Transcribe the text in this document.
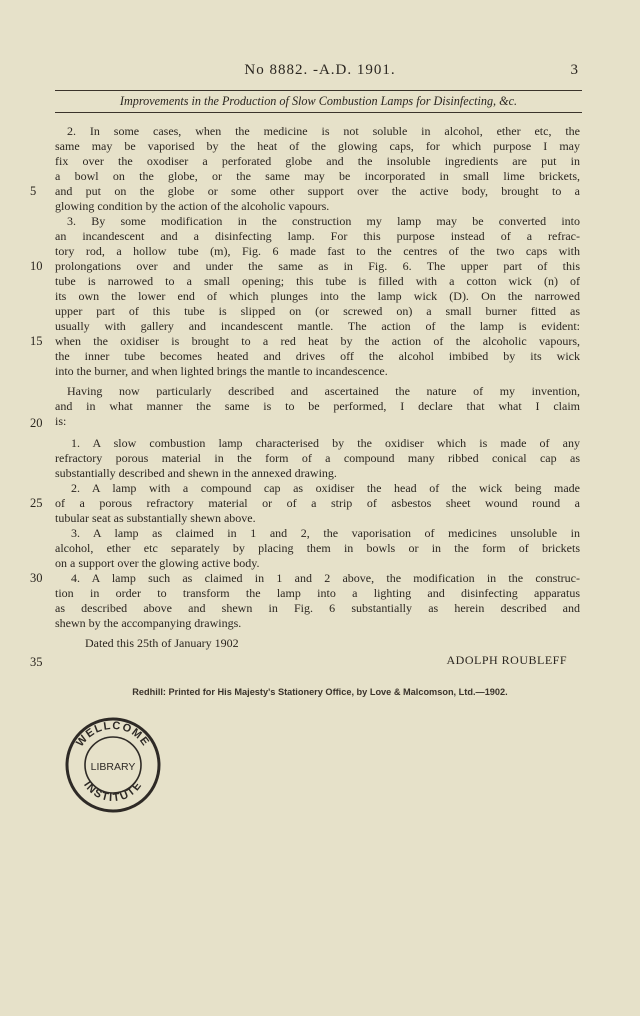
No 8882. -A.D. 1901.	3
Improvements in the Production of Slow Combustion Lamps for Disinfecting, &c.
2. In some cases, when the medicine is not soluble in alcohol, ether etc, the
same may be vaporised by the heat of the glowing caps, for which purpose I may
fix over the oxodiser a perforated globe and the insoluble ingredients are put in
a bowl on the globe, or the same may be incorporated in small lime brickets,
and put on the globe or some other support over the active body, brought to a
glowing condition by the action of the alcoholic vapours.
3. By some modification in the construction my lamp may be converted into
an incandescent and a disinfecting lamp. For this purpose instead of a refrac-
tory rod, a hollow tube (m), Fig. 6 made fast to the centres of the two caps with
prolongations over and under the same as in Fig. 6. The upper part of this
tube is narrowed to a small opening; this tube is filled with a cotton wick (n) of
its own the lower end of which plunges into the lamp wick (D). On the narrowed
upper part of this tube is slipped on (or screwed on) a small burner fitted as
usually with gallery and incandescent mantle. The action of the lamp is evident:
when the oxidiser is brought to a red heat by the action of the alcoholic vapours,
the inner tube becomes heated and drives off the alcohol imbibed by its wick
into the burner, and when lighted brings the mantle to incandescence.
Having now particularly described and ascertained the nature of my invention,
and in what manner the same is to be performed, I declare that what I claim
is:
1. A slow combustion lamp characterised by the oxidiser which is made of any
refractory porous material in the form of a compound many ribbed conical cap as
substantially described and shewn in the annexed drawing.
2. A lamp with a compound cap as oxidiser the head of the wick being made
of a porous refractory material or of a strip of asbestos sheet wound round a
tubular seat as substantially shewn above.
3. A lamp as claimed in 1 and 2, the vaporisation of medicines unsoluble in
alcohol, ether etc separately by placing them in bowls or in the form of brickets
on a support over the glowing active body.
4. A lamp such as claimed in 1 and 2 above, the modification in the construc-
tion in order to transform the lamp into a lighting and disinfecting apparatus
as described above and shewn in Fig. 6 substantially as herein described and
shewn by the accompanying drawings.
Dated this 25th of January 1902
ADOLPH ROUBLEFF
5
10
15
20
25
30
35
Redhill: Printed for His Majesty's Stationery Office, by Love & Malcomson, Ltd.—1902.
WELLCOME
LIBRARY
INSTITUTE
